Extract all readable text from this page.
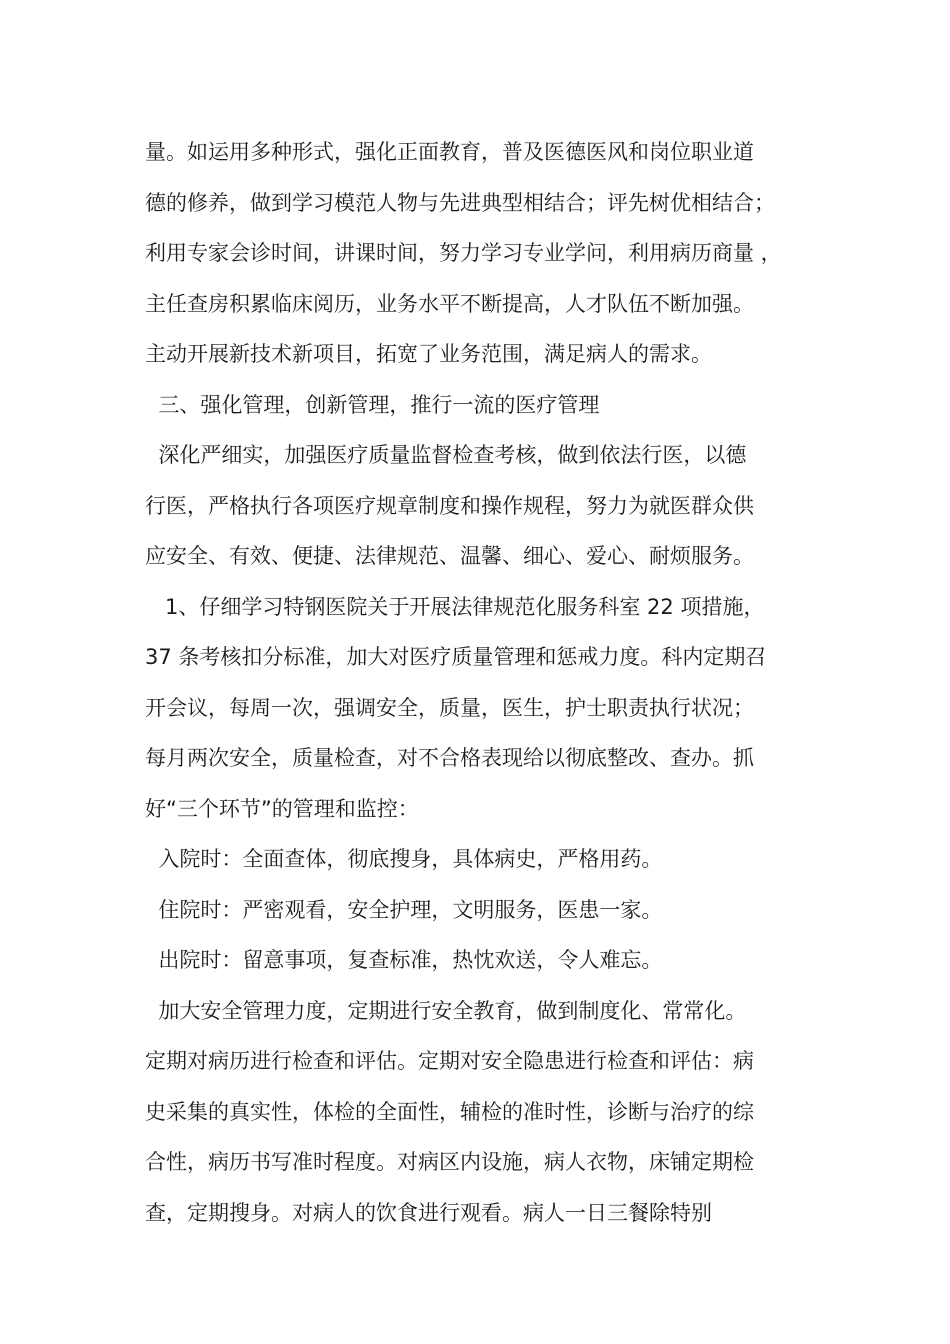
量。如运用多种形式，强化正面教育，普及医德医风和岗位职业道
德的修养，做到学习模范人物与先进典型相结合；评先树优相结合；
利用专家会诊时间，讲课时间，努力学习专业学问，利用病历商量 ，
主任查房积累临床阅历，业务水平不断提高，人才队伍不断加强。
主动开展新技术新项目，拓宽了业务范围，满足病人的需求。
三、强化管理，创新管理，推行一流的医疗管理
深化严细实，加强医疗质量监督检查考核，做到依法行医，以德
行医，严格执行各项医疗规章制度和操作规程，努力为就医群众供
应安全、有效、便捷、法律规范、温馨、细心、爱心、耐烦服务。
1、仔细学习特钢医院关于开展法律规范化服务科室 22 项措施，
37 条考核扣分标准，加大对医疗质量管理和惩戒力度。科内定期召
开会议，每周一次，强调安全，质量，医生，护士职责执行状况；
每月两次安全，质量检查，对不合格表现给以彻底整改、查办。抓
好“三个环节”的管理和监控：
入院时：全面查体，彻底搜身，具体病史，严格用药。
住院时：严密观看，安全护理，文明服务，医患一家。
出院时：留意事项，复查标准，热忱欢送，令人难忘。
加大安全管理力度，定期进行安全教育，做到制度化、常常化。
定期对病历进行检查和评估。定期对安全隐患进行检查和评估：病
史采集的真实性，体检的全面性，辅检的准时性，诊断与治疗的综
合性，病历书写准时程度。对病区内设施，病人衣物，床铺定期检
查，定期搜身。对病人的饮食进行观看。病人一日三餐除特别
